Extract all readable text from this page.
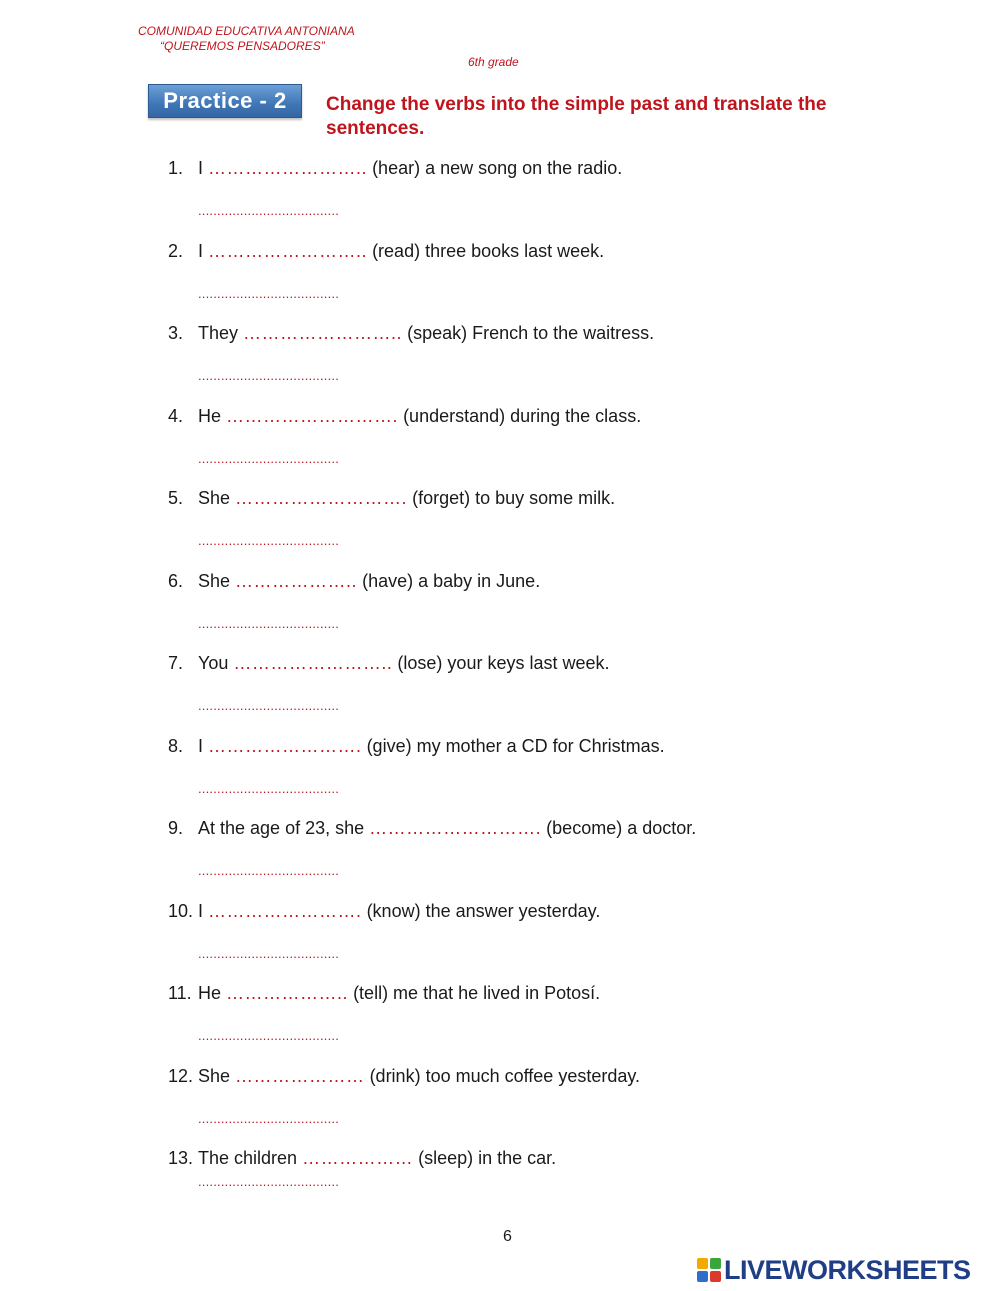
COMUNIDAD EDUCATIVA ANTONIANA
“QUEREMOS PENSADORES”
6th grade
Practice - 2	Change the verbs into the simple past and translate the sentences.
1. I …………………….. (hear) a new song on the radio.
.....................................
2. I …………………….. (read) three books last week.
.....................................
3. They …………………….. (speak) French to the waitress.
.....................................
4. He ………………………. (understand) during the class.
.....................................
5. She ………………………. (forget) to buy some milk.
.....................................
6. She ……………….. (have) a baby in June.
.....................................
7. You …………………….. (lose) your keys last week.
.....................................
8. I ……………………. (give) my mother a CD for Christmas.
.....................................
9. At the age of 23, she ………………………. (become) a doctor.
.....................................
10. I ……………………. (know) the answer yesterday.
.....................................
11. He ……………….. (tell) me that he lived in Potosí.
.....................................
12. She ………………… (drink) too much coffee yesterday.
.....................................
13. The children ……………… (sleep) in the car.
.....................................
6
LIVEWORKSHEETS
